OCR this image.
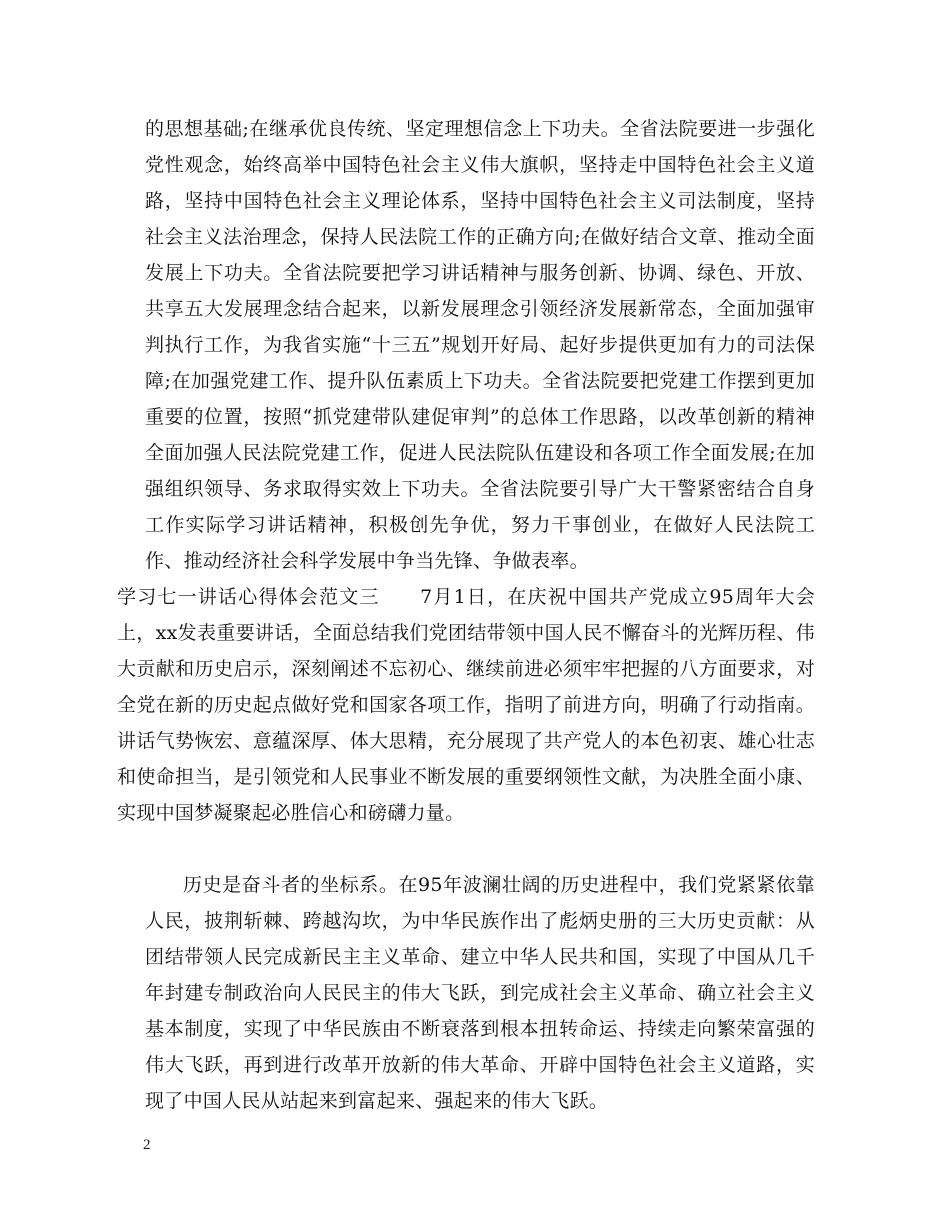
的思想基础;在继承优良传统、坚定理想信念上下功夫。全省法院要进一步强化党性观念，始终高举中国特色社会主义伟大旗帜，坚持走中国特色社会主义道路，坚持中国特色社会主义理论体系，坚持中国特色社会主义司法制度，坚持社会主义法治理念，保持人民法院工作的正确方向;在做好结合文章、推动全面发展上下功夫。全省法院要把学习讲话精神与服务创新、协调、绿色、开放、共享五大发展理念结合起来，以新发展理念引领经济发展新常态，全面加强审判执行工作，为我省实施“十三五”规划开好局、起好步提供更加有力的司法保障;在加强党建工作、提升队伍素质上下功夫。全省法院要把党建工作摆到更加重要的位置，按照“抓党建带队建促审判”的总体工作思路，以改革创新的精神全面加强人民法院党建工作，促进人民法院队伍建设和各项工作全面发展;在加强组织领导、务求取得实效上下功夫。全省法院要引导广大干警紧密结合自身工作实际学习讲话精神，积极创先争优，努力干事创业，在做好人民法院工作、推动经济社会科学发展中争当先锋、争做表率。

学习七一讲话心得体会范文三　　7月1日，在庆祝中国共产党成立95周年大会上，xx发表重要讲话，全面总结我们党团结带领中国人民不懈奋斗的光辉历程、伟大贡献和历史启示，深刻阐述不忘初心、继续前进必须牢牢把握的八方面要求，对全党在新的历史起点做好党和国家各项工作，指明了前进方向，明确了行动指南。讲话气势恢宏、意蕴深厚、体大思精，充分展现了共产党人的本色初衷、雄心壮志和使命担当，是引领党和人民事业不断发展的重要纲领性文献，为决胜全面小康、实现中国梦凝聚起必胜信心和磅礴力量。

历史是奋斗者的坐标系。在95年波澜壮阔的历史进程中，我们党紧紧依靠人民，披荆斩棘、跨越沟坎，为中华民族作出了彪炳史册的三大历史贡献：从团结带领人民完成新民主主义革命、建立中华人民共和国，实现了中国从几千年封建专制政治向人民民主的伟大飞跃，到完成社会主义革命、确立社会主义基本制度，实现了中华民族由不断衰落到根本扭转命运、持续走向繁荣富强的伟大飞跃，再到进行改革开放新的伟大革命、开辟中国特色社会主义道路，实现了中国人民从站起来到富起来、强起来的伟大飞跃。

2
